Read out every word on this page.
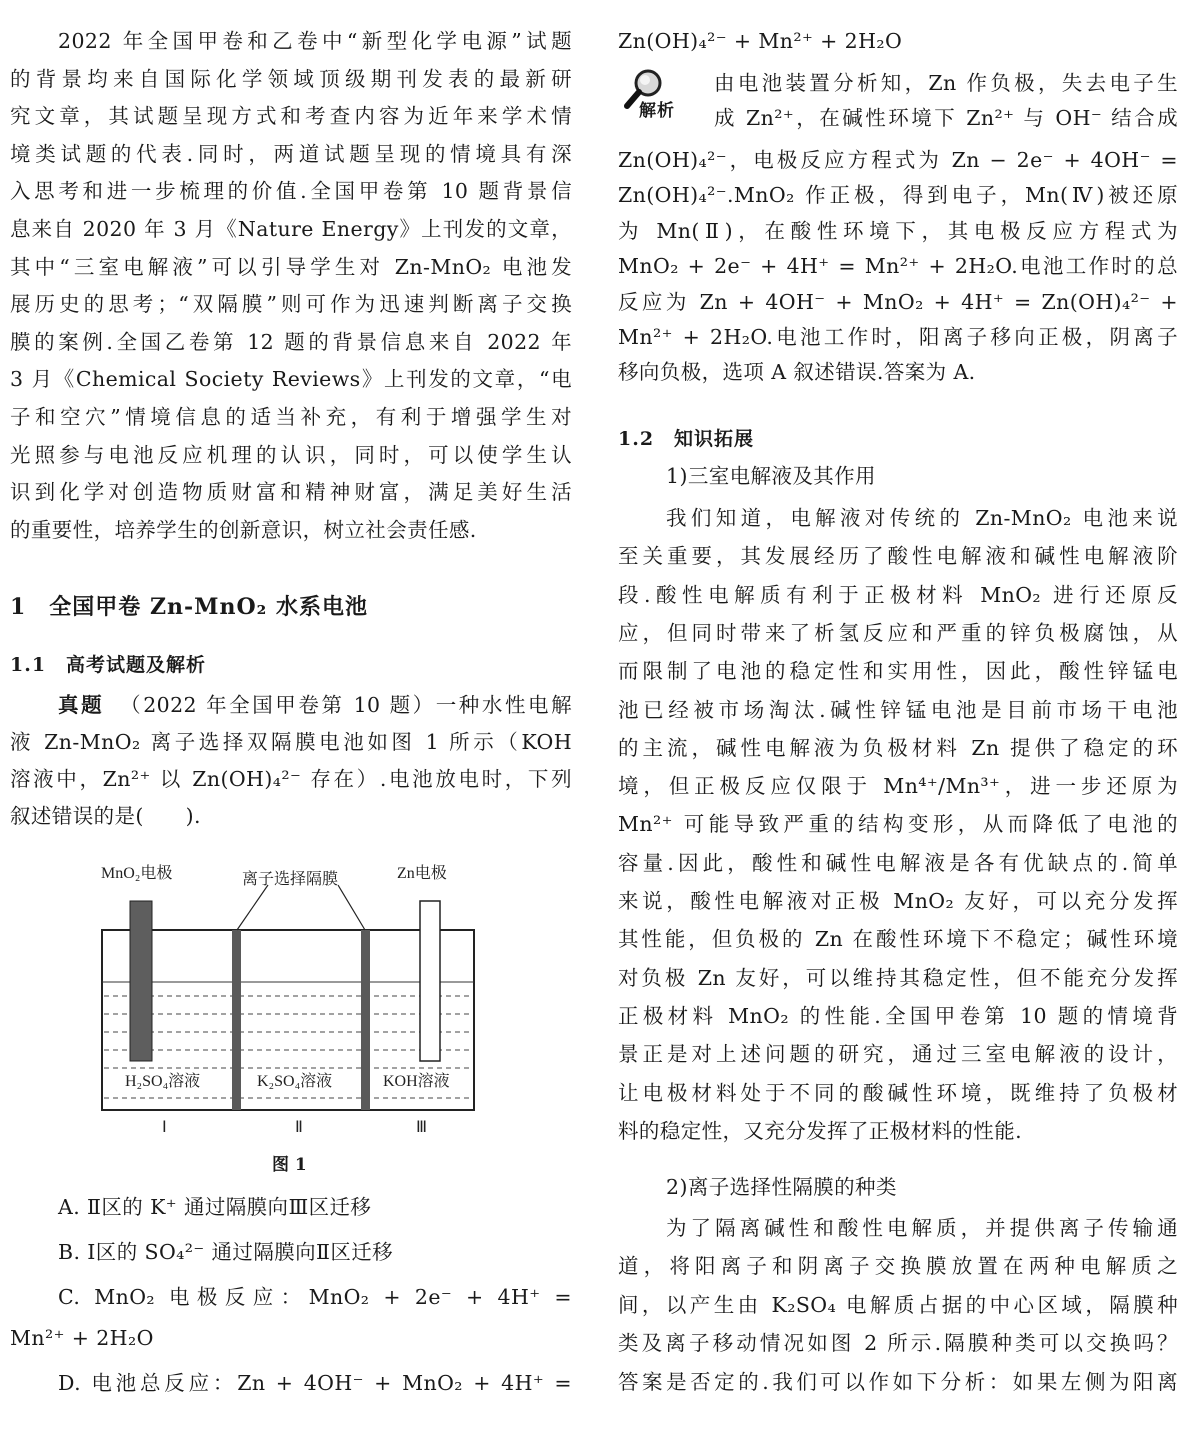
2022 年全国甲卷和乙卷中“新型化学电源”试题
的背景均来自国际化学领域顶级期刊发表的最新研
究文章，其试题呈现方式和考查内容为近年来学术情
境类试题的代表.同时，两道试题呈现的情境具有深
入思考和进一步梳理的价值.全国甲卷第 10 题背景信
息来自 2020 年 3 月《Nature Energy》上刊发的文章，
其中“三室电解液”可以引导学生对 Zn-MnO₂ 电池发
展历史的思考；“双隔膜”则可作为迅速判断离子交换
膜的案例.全国乙卷第 12 题的背景信息来自 2022 年
3 月《Chemical Society Reviews》上刊发的文章，“电
子和空穴”情境信息的适当补充，有利于增强学生对
光照参与电池反应机理的认识，同时，可以使学生认
识到化学对创造物质财富和精神财富，满足美好生活
的重要性，培养学生的创新意识，树立社会责任感.
1　全国甲卷 Zn-MnO₂ 水系电池
1.1　高考试题及解析
真题 （2022 年全国甲卷第 10 题）一种水性电解
液 Zn-MnO₂ 离子选择双隔膜电池如图 1 所示（KOH
溶液中，Zn²⁺ 以 Zn(OH)₄²⁻ 存在）.电池放电时，下列
叙述错误的是(　　).
A. Ⅱ区的 K⁺ 通过隔膜向Ⅲ区迁移
B. Ⅰ区的 SO₄²⁻ 通过隔膜向Ⅱ区迁移
C. MnO₂ 电极反应：MnO₂ + 2e⁻ + 4H⁺ =
Mn²⁺ + 2H₂O
D. 电池总反应：Zn + 4OH⁻ + MnO₂ + 4H⁺ =
MnO₂电极	离子选择隔膜	Zn电极
H₂SO₄溶液	K₂SO₄溶液	KOH溶液
Ⅰ	Ⅱ	Ⅲ
图 1
解析
Zn(OH)₄²⁻ + Mn²⁺ + 2H₂O
由电池装置分析知，Zn 作负极，失去电子生
成 Zn²⁺，在碱性环境下 Zn²⁺ 与 OH⁻ 结合成
Zn(OH)₄²⁻，电极反应方程式为 Zn − 2e⁻ + 4OH⁻ =
Zn(OH)₄²⁻.MnO₂ 作正极，得到电子，Mn(Ⅳ)被还原
为 Mn(Ⅱ)，在酸性环境下，其电极反应方程式为
MnO₂ + 2e⁻ + 4H⁺ = Mn²⁺ + 2H₂O.电池工作时的总
反应为 Zn + 4OH⁻ + MnO₂ + 4H⁺ = Zn(OH)₄²⁻ +
Mn²⁺ + 2H₂O.电池工作时，阳离子移向正极，阴离子
移向负极，选项 A 叙述错误.答案为 A.
1.2　知识拓展
1)三室电解液及其作用
我们知道，电解液对传统的 Zn-MnO₂ 电池来说
至关重要，其发展经历了酸性电解液和碱性电解液阶
段.酸性电解质有利于正极材料 MnO₂ 进行还原反
应，但同时带来了析氢反应和严重的锌负极腐蚀，从
而限制了电池的稳定性和实用性，因此，酸性锌锰电
池已经被市场淘汰.碱性锌锰电池是目前市场干电池
的主流，碱性电解液为负极材料 Zn 提供了稳定的环
境，但正极反应仅限于 Mn⁴⁺/Mn³⁺，进一步还原为
Mn²⁺ 可能导致严重的结构变形，从而降低了电池的
容量.因此，酸性和碱性电解液是各有优缺点的.简单
来说，酸性电解液对正极 MnO₂ 友好，可以充分发挥
其性能，但负极的 Zn 在酸性环境下不稳定；碱性环境
对负极 Zn 友好，可以维持其稳定性，但不能充分发挥
正极材料 MnO₂ 的性能.全国甲卷第 10 题的情境背
景正是对上述问题的研究，通过三室电解液的设计，
让电极材料处于不同的酸碱性环境，既维持了负极材
料的稳定性，又充分发挥了正极材料的性能.
2)离子选择性隔膜的种类
为了隔离碱性和酸性电解质，并提供离子传输通
道，将阳离子和阴离子交换膜放置在两种电解质之
间，以产生由 K₂SO₄ 电解质占据的中心区域，隔膜种
类及离子移动情况如图 2 所示.隔膜种类可以交换吗？
答案是否定的.我们可以作如下分析：如果左侧为阳离
